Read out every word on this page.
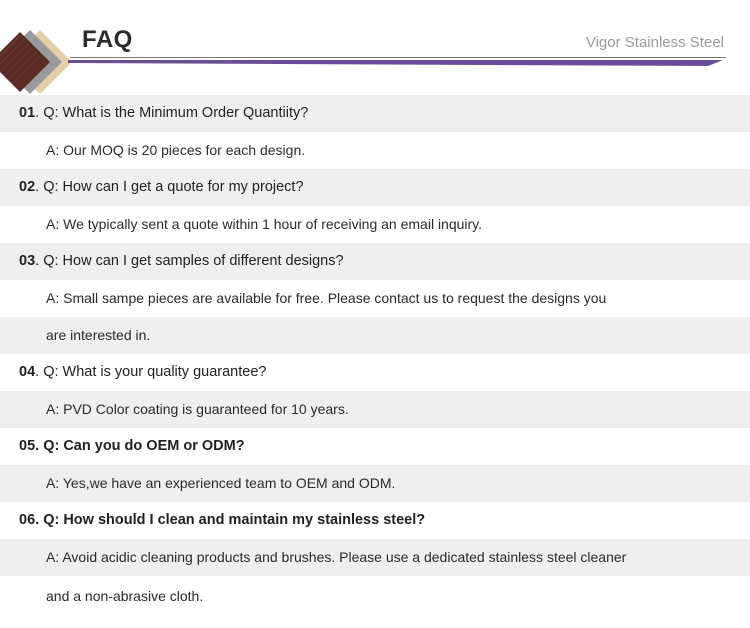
FAQ	Vigor Stainless Steel
01. Q: What is the Minimum Order Quantiity?
A: Our MOQ is 20 pieces for each design.
02. Q: How can I get a quote for my project?
A: We typically sent a quote within 1 hour of receiving an email inquiry.
03. Q: How can I get samples of different designs?
A: Small sampe pieces are available for free. Please contact us to request the designs you
are interested in.
04. Q: What is your quality guarantee?
A: PVD Color coating is guaranteed for 10 years.
05. Q: Can you do OEM or ODM?
A: Yes,we have an experienced team to OEM and ODM.
06. Q: How should I clean and maintain my stainless steel?
A: Avoid acidic cleaning products and brushes. Please use a dedicated stainless steel cleaner
and a non-abrasive cloth.
